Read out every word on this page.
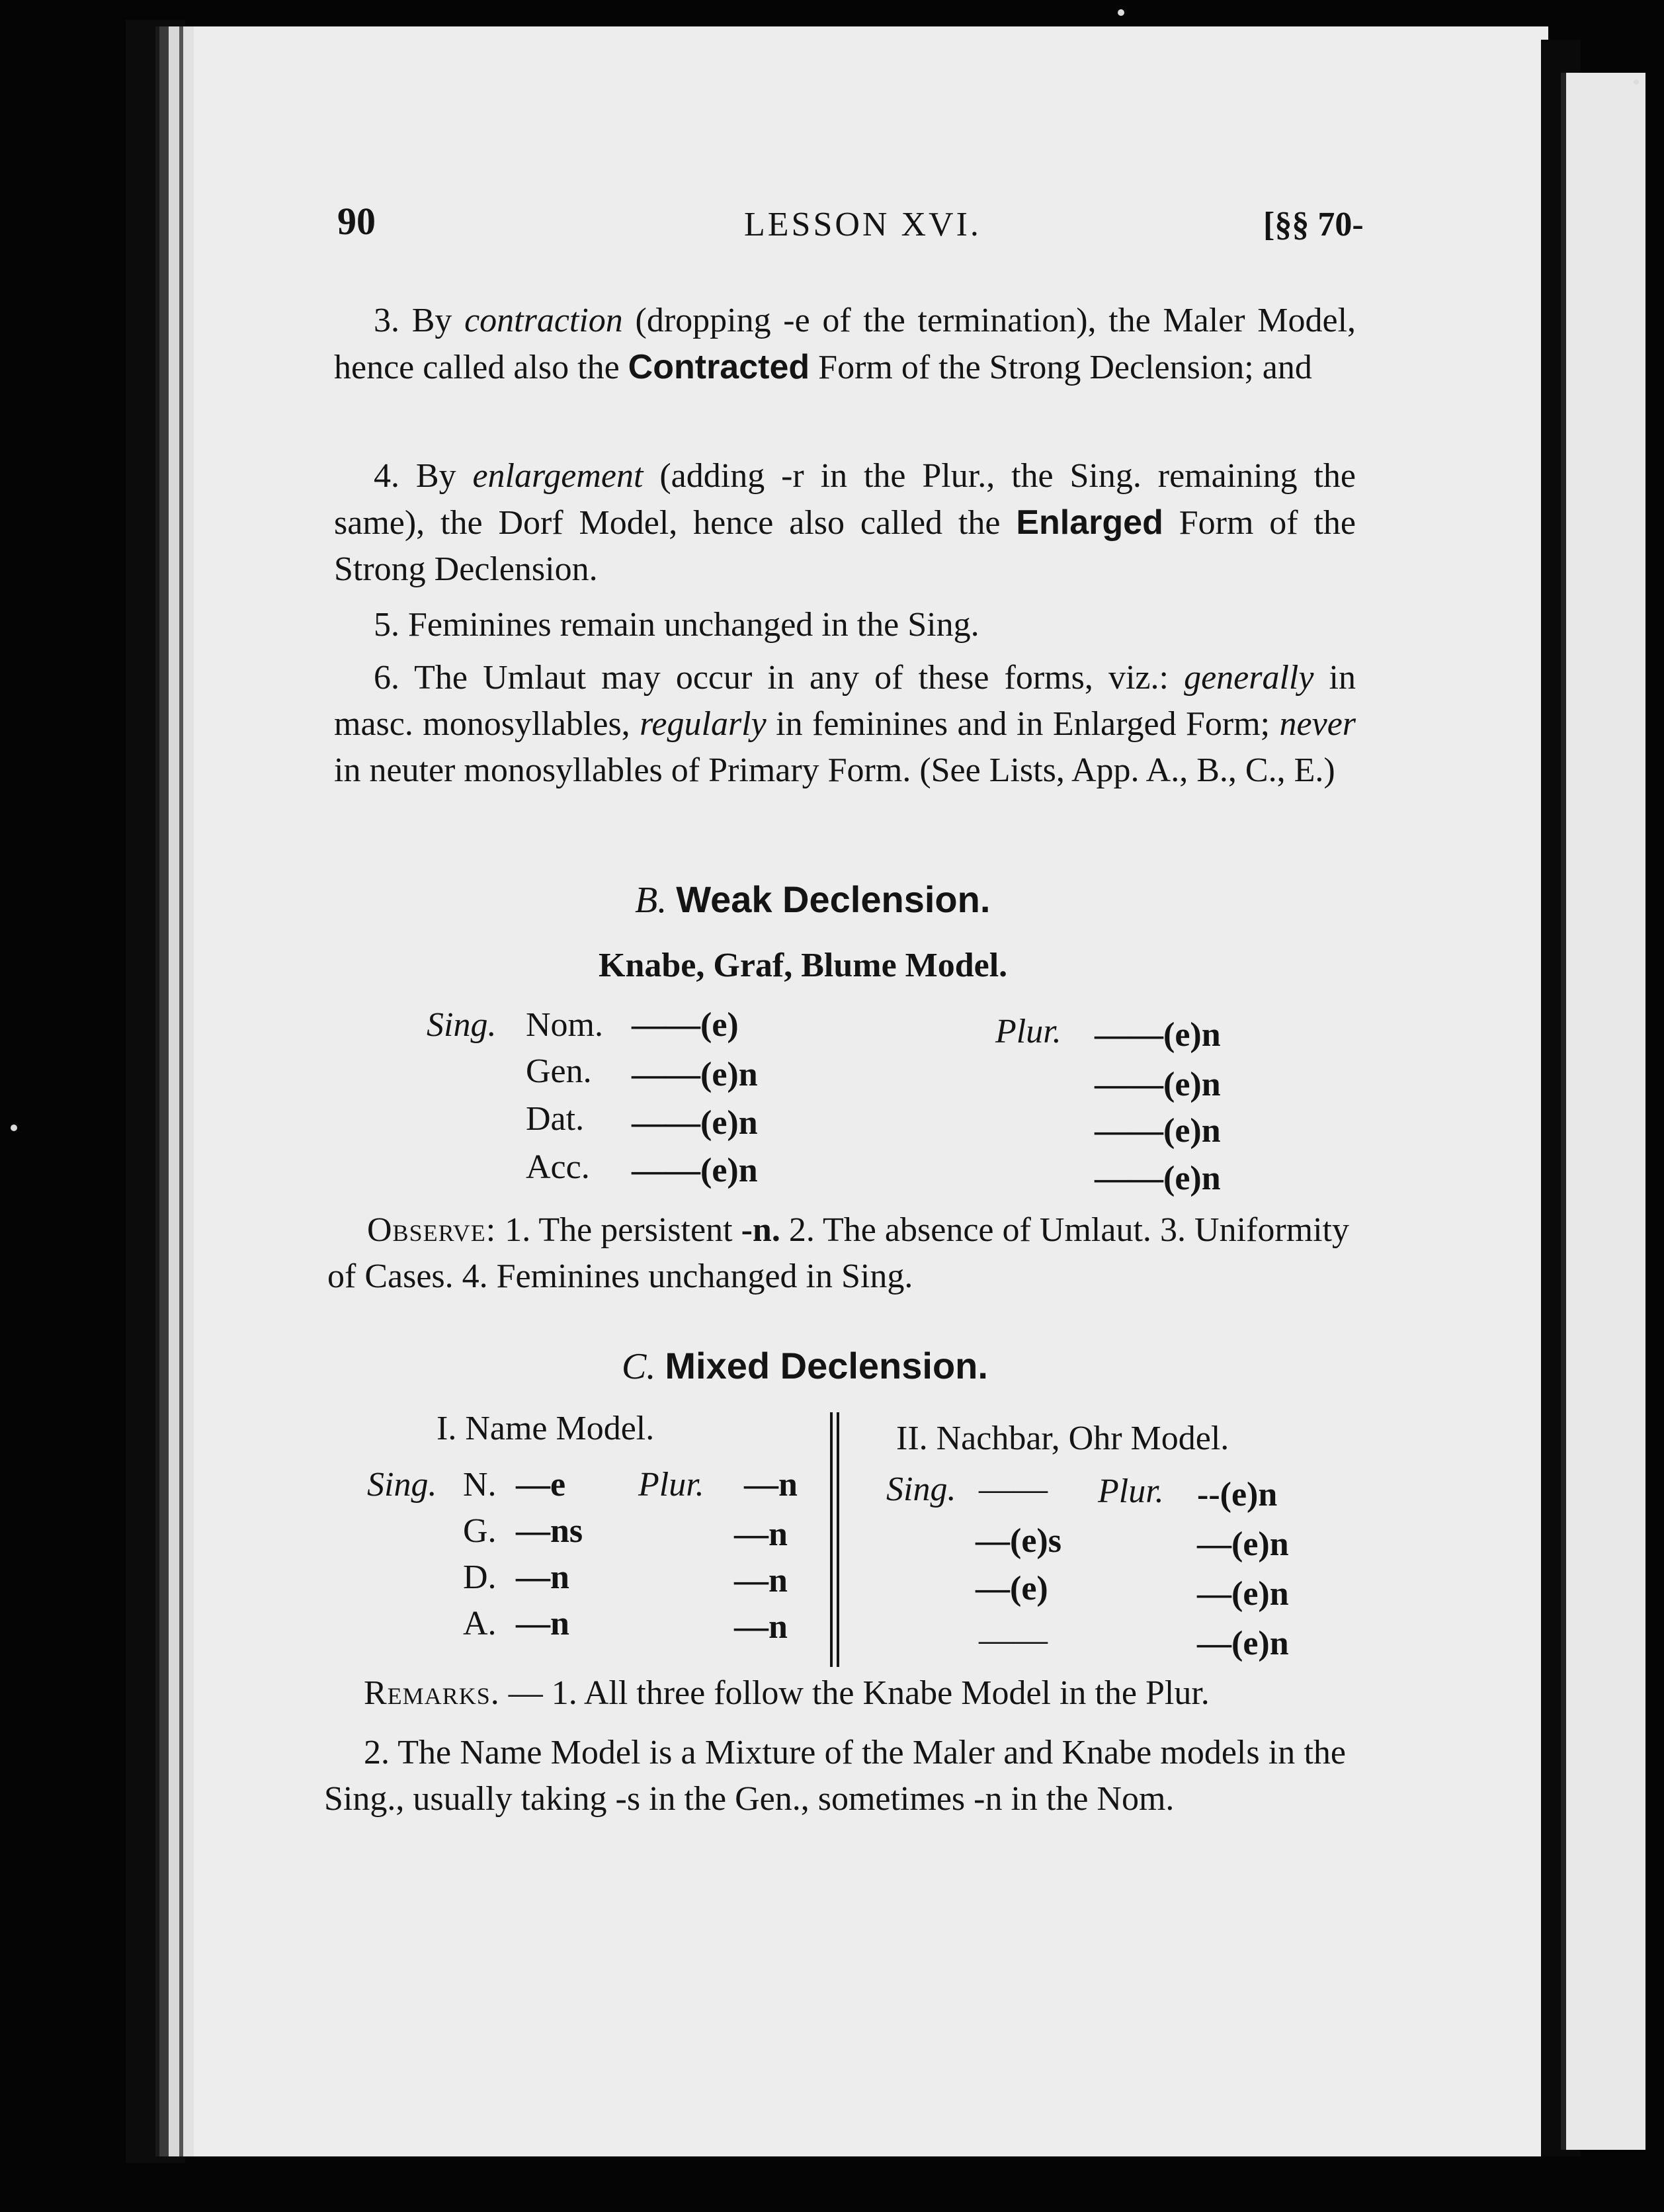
90	LESSON XVI.	[§§ 70-

3. By contraction (dropping -e of the termination), the Maler Model, hence called also the Contracted Form of the Strong Declension; and

4. By enlargement (adding -r in the Plur., the Sing. remaining the same), the Dorf Model, hence also called the Enlarged Form of the Strong Declension.

5. Feminines remain unchanged in the Sing.

6. The Umlaut may occur in any of these forms, viz.: generally in masc. monosyllables, regularly in feminines and in Enlarged Form; never in neuter monosyllables of Primary Form. (See Lists, App. A., B., C., E.)

B. Weak Declension.
Knabe, Graf, Blume Model.
Sing.	Plur.
Nom. ——(e)	——(e)n
Gen. ——(e)n	——(e)n
Dat. ——(e)n	——(e)n
Acc. ——(e)n	——(e)n

Observe: 1. The persistent -n. 2. The absence of Umlaut. 3. Uniformity of Cases. 4. Feminines unchanged in Sing.

C. Mixed Declension.
I. Name Model.	II. Nachbar, Ohr Model.
Sing.	Plur.	Sing.	Plur.
N. —e	—n
G. —ns	—n
D. —n	—n
A. —n	—n
——	--(e)n
—(e)s	—(e)n
—(e)	—(e)n
——	—(e)n

Remarks. — 1. All three follow the Knabe Model in the Plur.

2. The Name Model is a Mixture of the Maler and Knabe models in the Sing., usually taking -s in the Gen., sometimes -n in the Nom.
